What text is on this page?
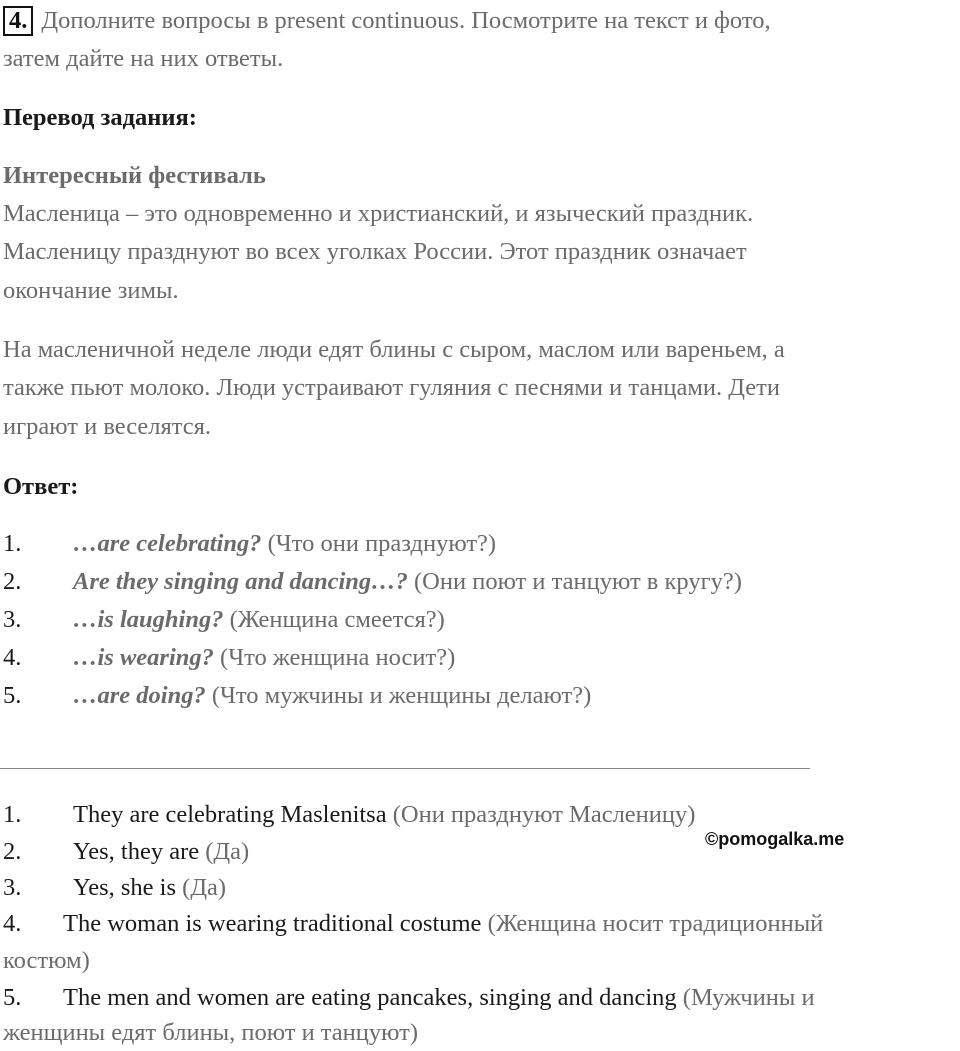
4. Дополните вопросы в present continuous. Посмотрите на текст и фото,
затем дайте на них ответы.
Перевод задания:
Интересный фестиваль
Масленица – это одновременно и христианский, и языческий праздник.
Масленицу празднуют во всех уголках России. Этот праздник означает
окончание зимы.
На масленичной неделе люди едят блины с сыром, маслом или вареньем, а
также пьют молоко. Люди устраивают гуляния с песнями и танцами. Дети
играют и веселятся.
Ответ:
1. …are celebrating? (Что они празднуют?)
2. Are they singing and dancing…? (Они поют и танцуют в кругу?)
3. …is laughing? (Женщина смеется?)
4. …is wearing? (Что женщина носит?)
5. …are doing? (Что мужчины и женщины делают?)
1. They are celebrating Maslenitsa (Они празднуют Масленицу)
2. Yes, they are (Да)
3. Yes, she is (Да)
4. The woman is wearing traditional costume (Женщина носит традиционный
костюм)
5. The men and women are eating pancakes, singing and dancing (Мужчины и
женщины едят блины, поют и танцуют)
©pomogalka.me
